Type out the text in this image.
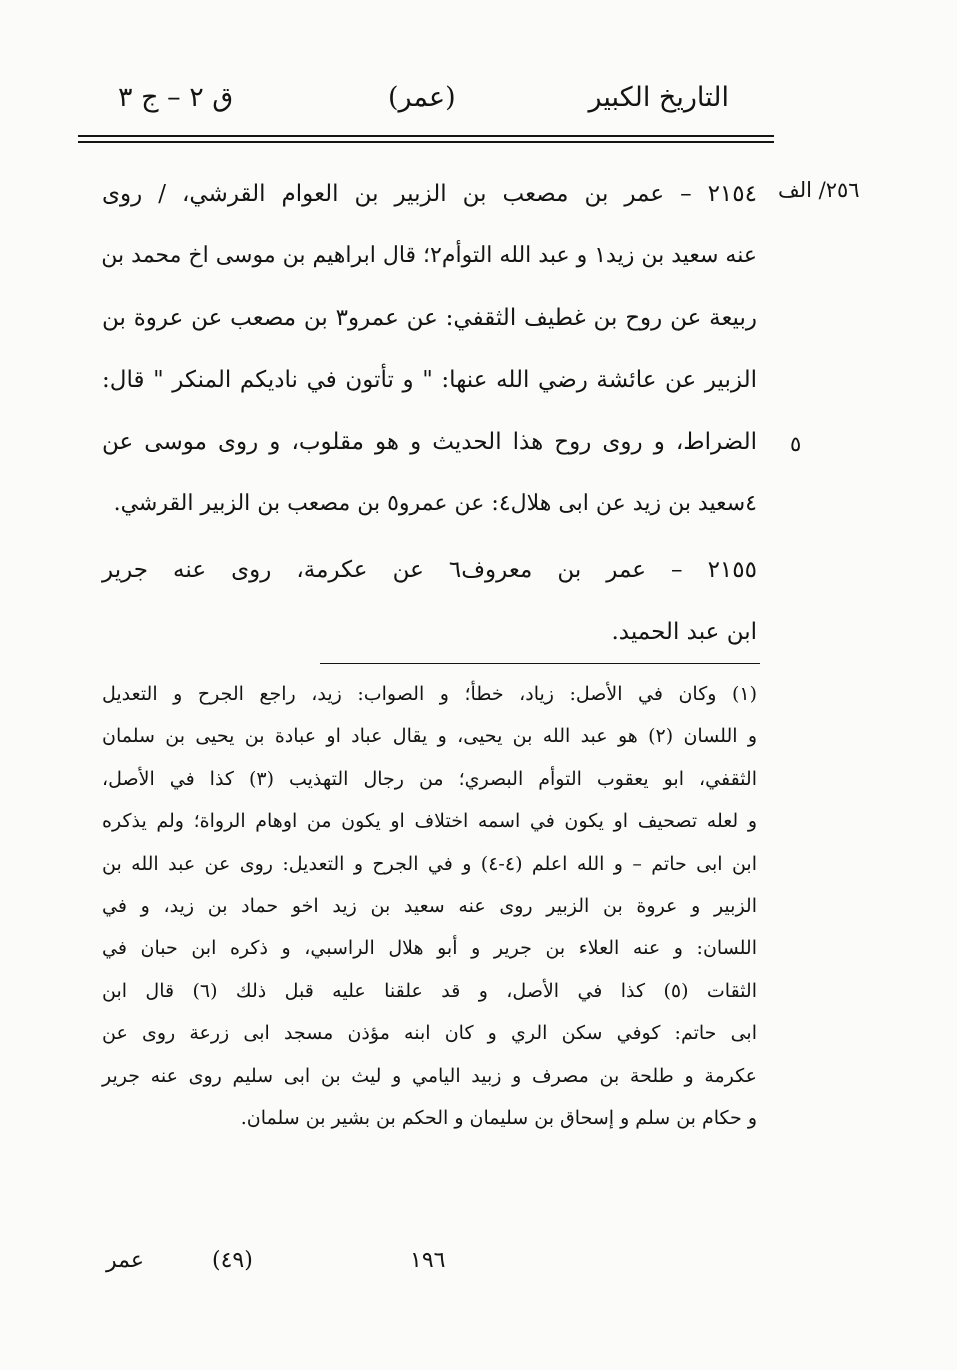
التاريخ الكبير
(عمر)
ق ٢ – ج ٣
٢٥٦/ الف
٥
٢١٥٤ – عمر بن مصعب بن الزبير بن العوام القرشي، / روى
عنه سعيد بن زيد١ و عبد الله التوأم٢؛ قال ابراهيم بن موسى اخ محمد بن
ربيعة عن روح بن غطيف الثقفي: عن عمرو٣ بن مصعب عن عروة بن
الزبير عن عائشة رضي الله عنها: " و تأتون في ناديكم المنكر " قال:
الضراط، و روى روح هذا الحديث و هو مقلوب، و روى موسى عن
٤سعيد بن زيد عن ابى هلال٤: عن عمرو٥ بن مصعب بن الزبير القرشي.
٢١٥٥ – عمر بن معروف٦ عن عكرمة، روى عنه جرير
ابن عبد الحميد.
(١) وكان في الأصل: زياد، خطأ؛ و الصواب: زيد، راجع الجرح و التعديل
و اللسان (٢) هو عبد الله بن يحيى، و يقال عباد او عبادة بن يحيى بن سلمان
الثقفي، ابو يعقوب التوأم البصري؛ من رجال التهذيب (٣) كذا في الأصل،
و لعله تصحيف او يكون في اسمه اختلاف او يكون من اوهام الرواة؛ ولم يذكره
ابن ابى حاتم – و الله اعلم (٤-٤) و في الجرح و التعديل: روى عن عبد الله بن
الزبير و عروة بن الزبير روى عنه سعيد بن زيد اخو حماد بن زيد، و في
اللسان: و عنه العلاء بن جرير و أبو هلال الراسبي، و ذكره ابن حبان في
الثقات (٥) كذا في الأصل، و قد علقنا عليه قبل ذلك (٦) قال ابن
ابى حاتم: كوفي سكن الري و كان ابنه مؤذن مسجد ابى زرعة روى عن
عكرمة و طلحة بن مصرف و زبيد اليامي و ليث بن ابى سليم روى عنه جرير
و حكام بن سلم و إسحاق بن سليمان و الحكم بن بشير بن سلمان.
١٩٦
(٤٩)
عمر
